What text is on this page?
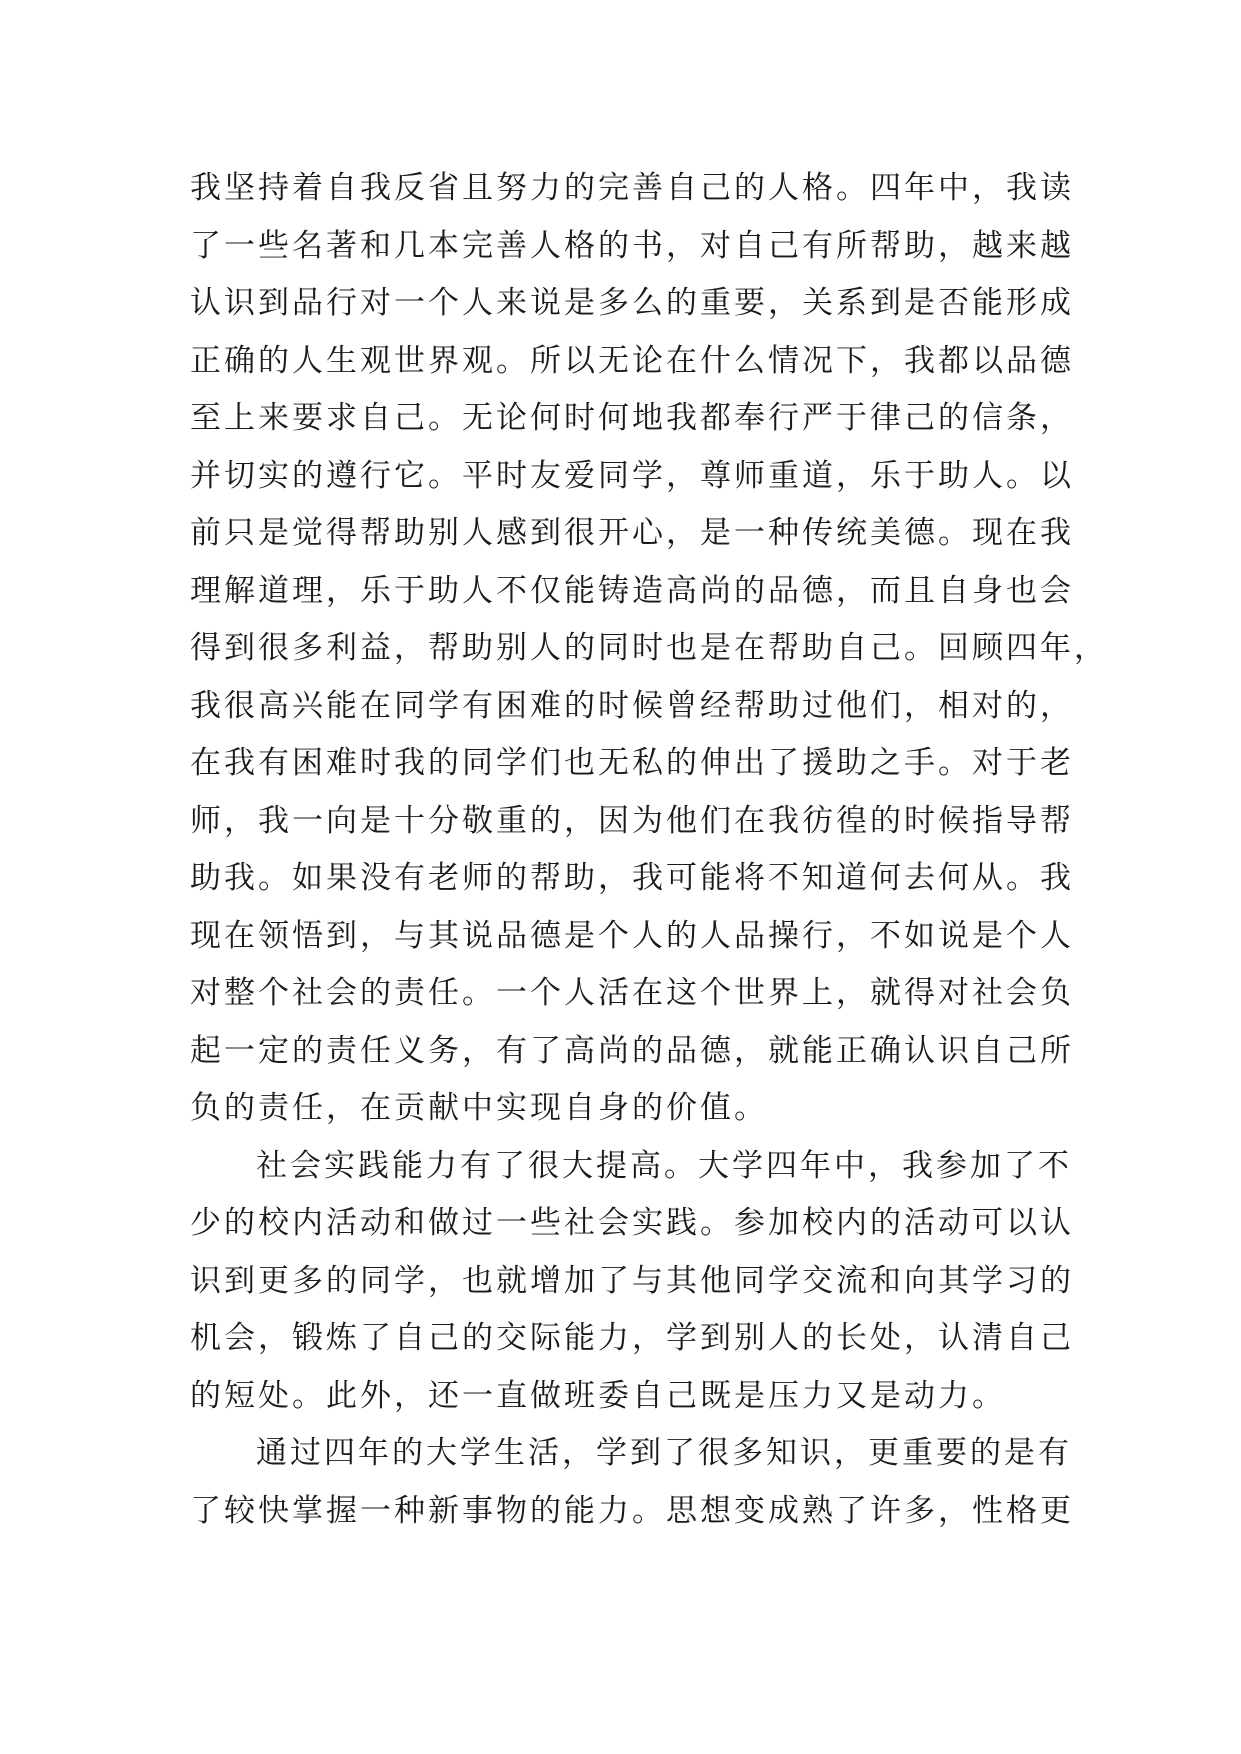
我坚持着自我反省且努力的完善自己的人格。四年中，我读
了一些名著和几本完善人格的书，对自己有所帮助，越来越
认识到品行对一个人来说是多么的重要，关系到是否能形成
正确的人生观世界观。所以无论在什么情况下，我都以品德
至上来要求自己。无论何时何地我都奉行严于律己的信条，
并切实的遵行它。平时友爱同学，尊师重道，乐于助人。以
前只是觉得帮助别人感到很开心，是一种传统美德。现在我
理解道理，乐于助人不仅能铸造高尚的品德，而且自身也会
得到很多利益，帮助别人的同时也是在帮助自己。回顾四年，
我很高兴能在同学有困难的时候曾经帮助过他们，相对的，
在我有困难时我的同学们也无私的伸出了援助之手。对于老
师，我一向是十分敬重的，因为他们在我彷徨的时候指导帮
助我。如果没有老师的帮助，我可能将不知道何去何从。我
现在领悟到，与其说品德是个人的人品操行，不如说是个人
对整个社会的责任。一个人活在这个世界上，就得对社会负
起一定的责任义务，有了高尚的品德，就能正确认识自己所
负的责任，在贡献中实现自身的价值。
社会实践能力有了很大提高。大学四年中，我参加了不
少的校内活动和做过一些社会实践。参加校内的活动可以认
识到更多的同学，也就增加了与其他同学交流和向其学习的
机会，锻炼了自己的交际能力，学到别人的长处，认清自己
的短处。此外，还一直做班委自己既是压力又是动力。
通过四年的大学生活，学到了很多知识，更重要的是有
了较快掌握一种新事物的能力。思想变成熟了许多，性格更
